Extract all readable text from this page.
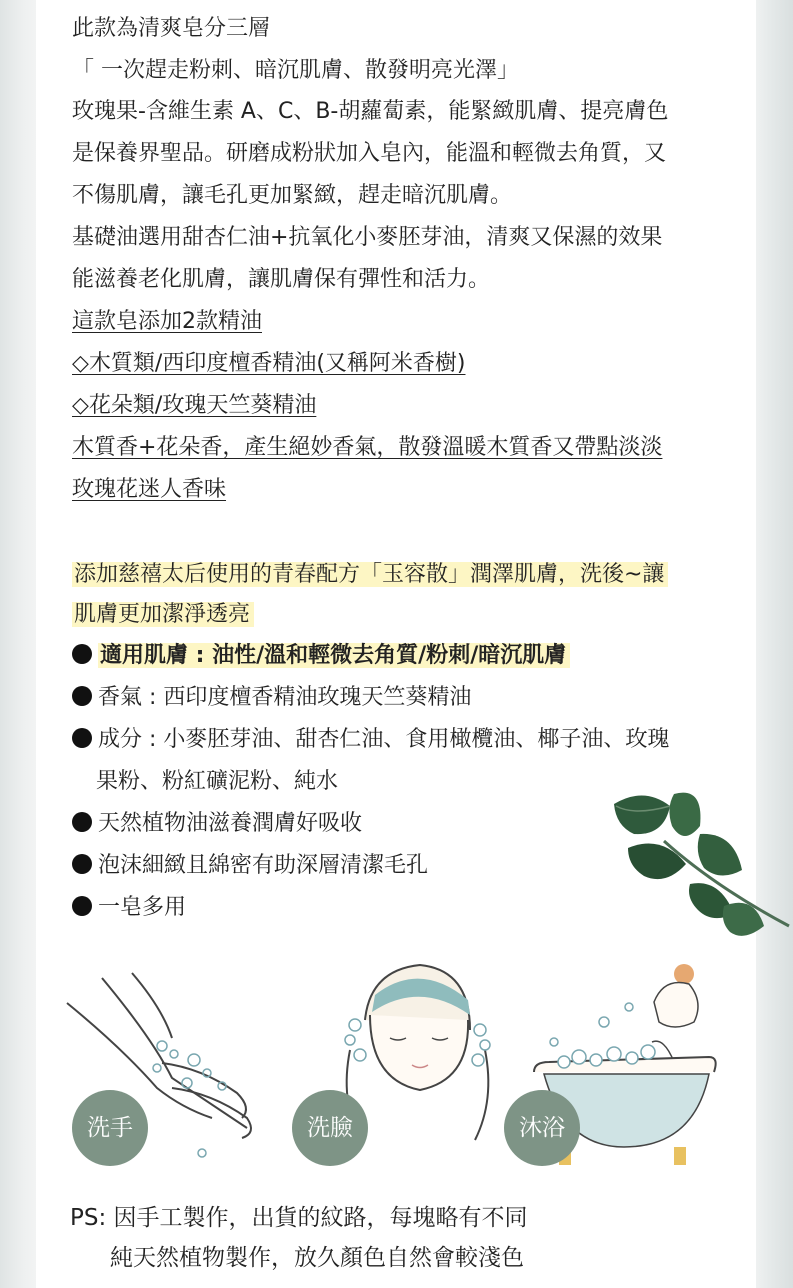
此款為清爽皂分三層
「 一次趕走粉刺、暗沉肌膚、散發明亮光澤」
玫瑰果-含維生素 A、C、B-胡蘿蔔素，能緊緻肌膚、提亮膚色
是保養界聖品。研磨成粉狀加入皂內，能溫和輕微去角質，又
不傷肌膚，讓毛孔更加緊緻，趕走暗沉肌膚。
基礎油選用甜杏仁油+抗氧化小麥胚芽油，清爽又保濕的效果
能滋養老化肌膚，讓肌膚保有彈性和活力。
這款皂添加2款精油
◇木質類/西印度檀香精油(又稱阿米香樹)
◇花朵類/玫瑰天竺葵精油
木質香+花朵香，產生絕妙香氣，散發溫暖木質香又帶點淡淡
玫瑰花迷人香味
添加慈禧太后使用的青春配方「玉容散」潤澤肌膚，洗後~讓
肌膚更加潔淨透亮
適用肌膚 : 油性/溫和輕微去角質/粉刺/暗沉肌膚
香氣 : 西印度檀香精油玫瑰天竺葵精油
成分 : 小麥胚芽油、甜杏仁油、食用橄欖油、椰子油、玫瑰
果粉、粉紅礦泥粉、純水
天然植物油滋養潤膚好吸收
泡沫細緻且綿密有助深層清潔毛孔
一皂多用
洗手	洗臉	沐浴
PS: 因手工製作，出貨的紋路，每塊略有不同
純天然植物製作，放久顏色自然會較淺色
